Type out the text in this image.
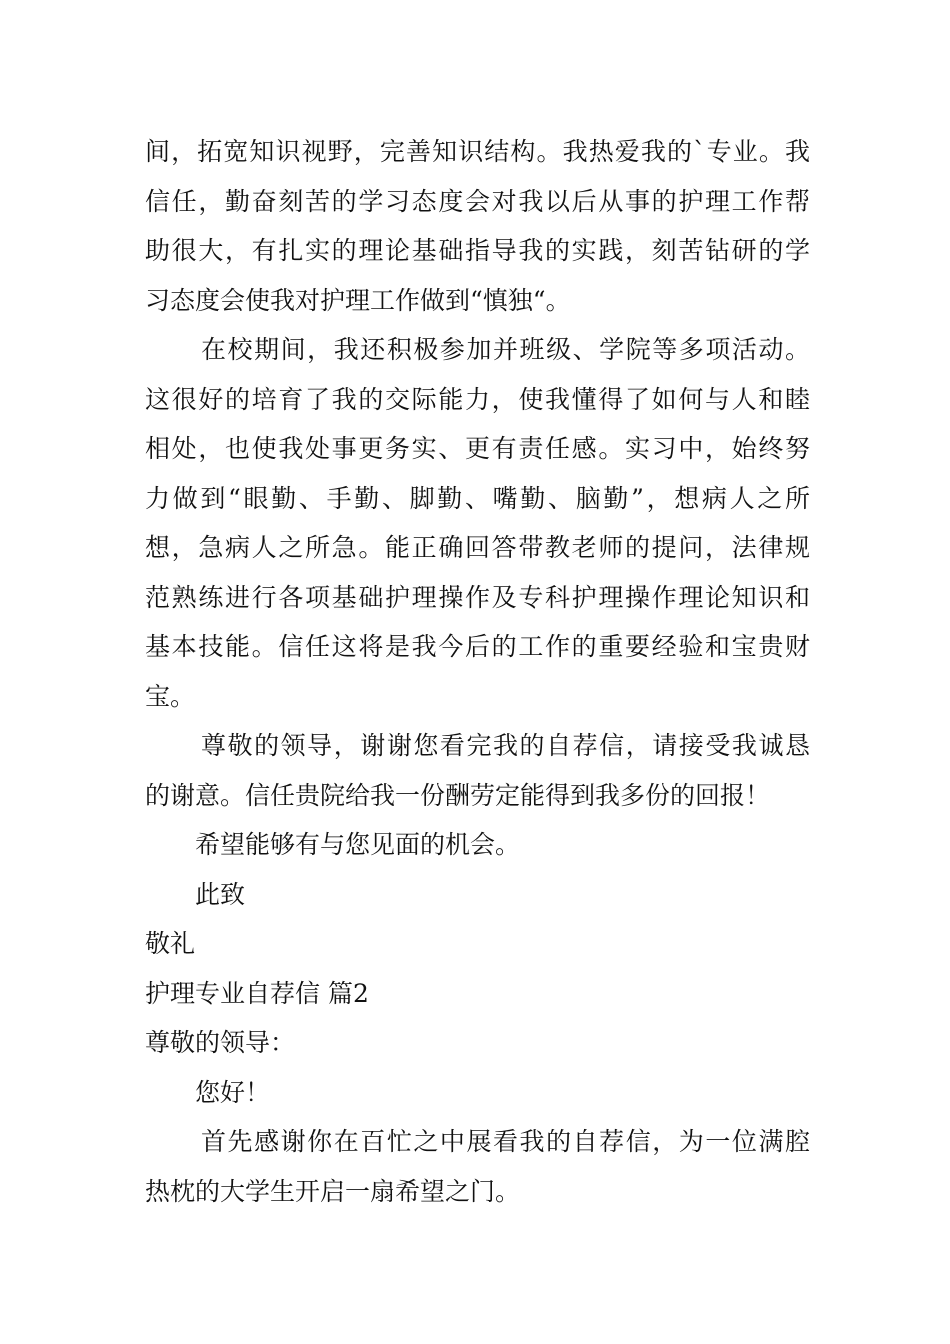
间，拓宽知识视野，完善知识结构。我热爱我的`专业。我
信任，勤奋刻苦的学习态度会对我以后从事的护理工作帮
助很大，有扎实的理论基础指导我的实践，刻苦钻研的学
习态度会使我对护理工作做到“慎独“。
在校期间，我还积极参加并班级、学院等多项活动。
这很好的培育了我的交际能力，使我懂得了如何与人和睦
相处，也使我处事更务实、更有责任感。实习中，始终努
力做到“眼勤、手勤、脚勤、嘴勤、脑勤”，想病人之所
想，急病人之所急。能正确回答带教老师的提问，法律规
范熟练进行各项基础护理操作及专科护理操作理论知识和
基本技能。信任这将是我今后的工作的重要经验和宝贵财
宝。
尊敬的领导，谢谢您看完我的自荐信，请接受我诚恳
的谢意。信任贵院给我一份酬劳定能得到我多份的回报！
希望能够有与您见面的机会。
此致
敬礼
护理专业自荐信 篇2
尊敬的领导：
您好！
首先感谢你在百忙之中展看我的自荐信，为一位满腔
热枕的大学生开启一扇希望之门。
